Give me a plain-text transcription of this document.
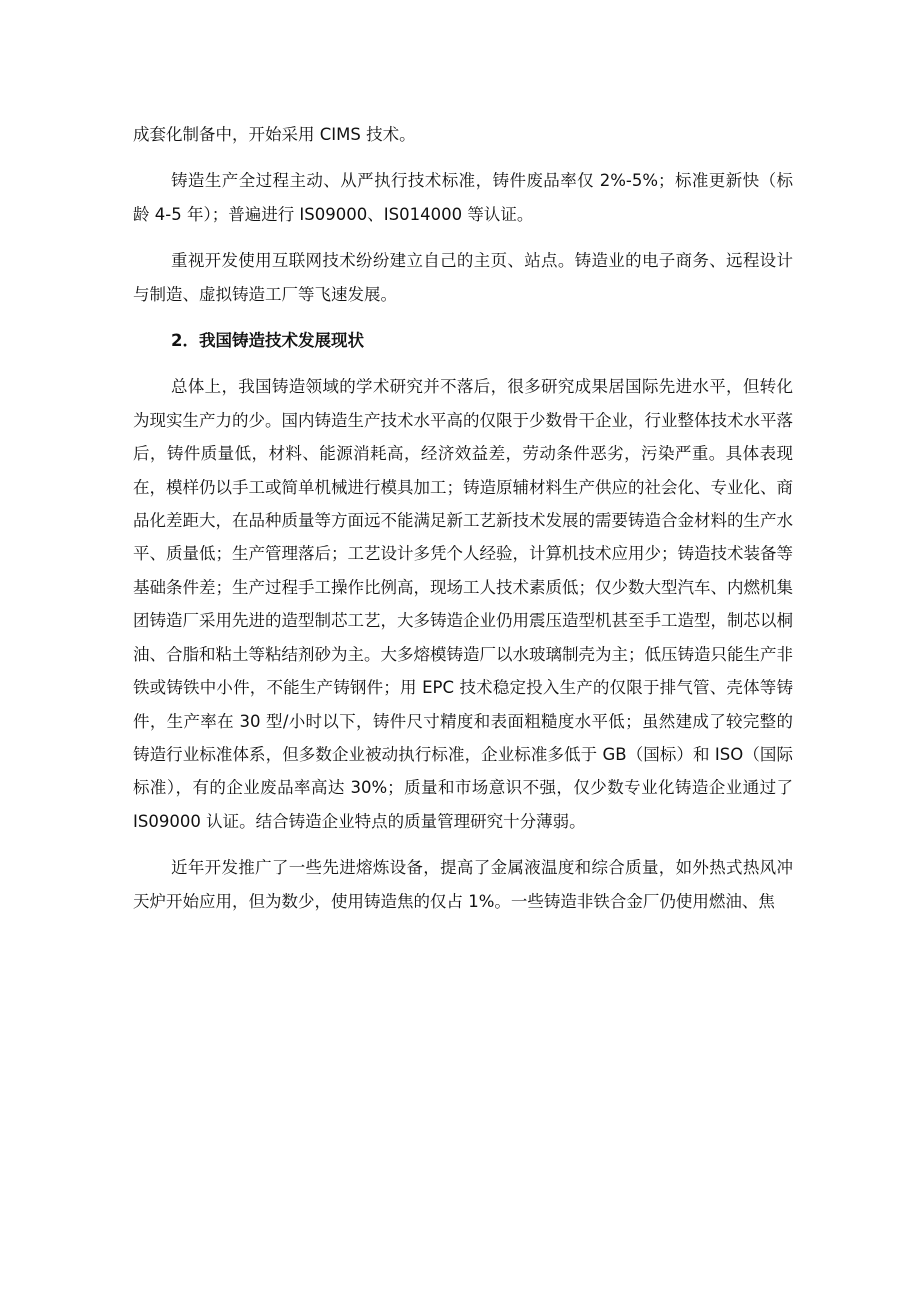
成套化制备中，开始采用 CIMS 技术。

铸造生产全过程主动、从严执行技术标准，铸件废品率仅 2%-5%；标准更新快（标龄 4-5 年）；普遍进行 IS09000、IS014000 等认证。

重视开发使用互联网技术纷纷建立自己的主页、站点。铸造业的电子商务、远程设计与制造、虚拟铸造工厂等飞速发展。

2．我国铸造技术发展现状

总体上，我国铸造领域的学术研究并不落后，很多研究成果居国际先进水平，但转化为现实生产力的少。国内铸造生产技术水平高的仅限于少数骨干企业，行业整体技术水平落后，铸件质量低，材料、能源消耗高，经济效益差，劳动条件恶劣，污染严重。具体表现在，模样仍以手工或简单机械进行模具加工；铸造原辅材料生产供应的社会化、专业化、商品化差距大，在品种质量等方面远不能满足新工艺新技术发展的需要铸造合金材料的生产水平、质量低；生产管理落后；工艺设计多凭个人经验，计算机技术应用少；铸造技术装备等基础条件差；生产过程手工操作比例高，现场工人技术素质低；仅少数大型汽车、内燃机集团铸造厂采用先进的造型制芯工艺，大多铸造企业仍用震压造型机甚至手工造型，制芯以桐油、合脂和粘土等粘结剂砂为主。大多熔模铸造厂以水玻璃制壳为主；低压铸造只能生产非铁或铸铁中小件，不能生产铸钢件；用 EPC 技术稳定投入生产的仅限于排气管、壳体等铸件，生产率在 30 型/小时以下，铸件尺寸精度和表面粗糙度水平低；虽然建成了较完整的铸造行业标准体系，但多数企业被动执行标准，企业标准多低于 GB（国标）和 ISO（国际标准），有的企业废品率高达 30%；质量和市场意识不强，仅少数专业化铸造企业通过了 IS09000 认证。结合铸造企业特点的质量管理研究十分薄弱。

近年开发推广了一些先进熔炼设备，提高了金属液温度和综合质量，如外热式热风冲天炉开始应用，但为数少，使用铸造焦的仅占 1%。一些铸造非铁合金厂仍使用燃油、焦
